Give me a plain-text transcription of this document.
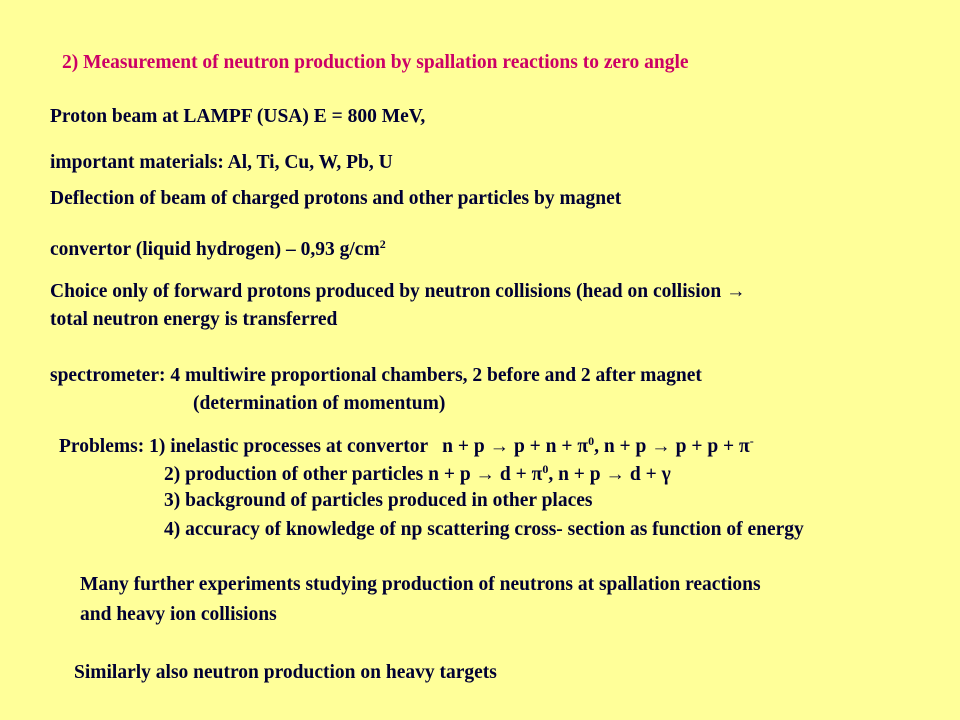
2) Measurement of neutron production by spallation reactions to zero angle
Proton beam at LAMPF (USA) E = 800 MeV,
important materials: Al, Ti, Cu, W, Pb, U
Deflection of beam of charged protons and other particles by magnet
convertor (liquid hydrogen) – 0,93 $g/cm^2$
Choice only of forward protons produced by neutron collisions (head on collision →
total neutron energy is transferred
spectrometer: 4 multiwire proportional chambers, 2 before and 2 after magnet
(determination of momentum)
Problems: 1) inelastic processes at convertor $n + p \to p + n + \pi^0$, n + p → p + p + π-
2) production of other particles $n + p \to d + \pi^0$, n + p → d + γ
3) background of particles produced in other places
4) accuracy of knowledge of np scattering cross- section as function of energy
Many further experiments studying production of neutrons at spallation reactions
and heavy ion collisions
Similarly also neutron production on heavy targets
